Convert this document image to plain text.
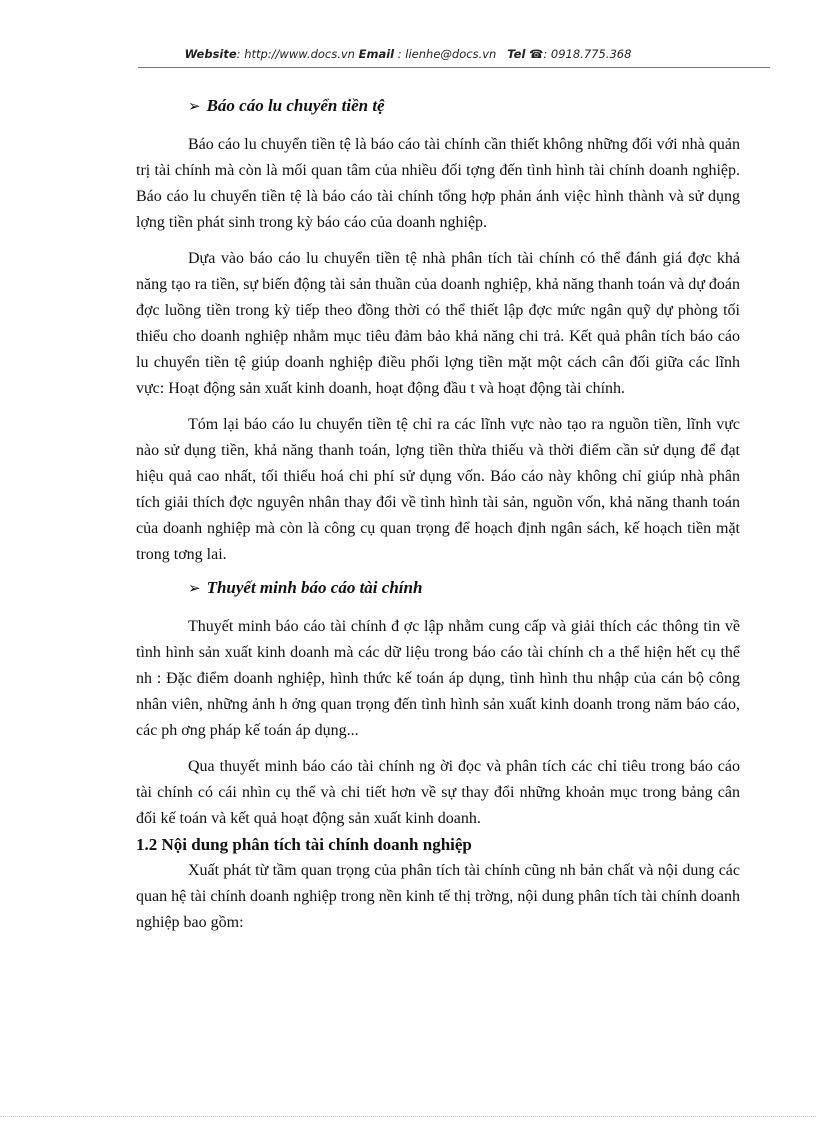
Website: http://www.docs.vn Email : lienhe@docs.vn Tel ☎: 0918.775.368
➢ Báo cáo lu chuyển tiền tệ

Báo cáo lu chuyển tiền tệ là báo cáo tài chính cần thiết không những đối với nhà quản trị tài chính mà còn là mối quan tâm của nhiều đối tợng đến tình hình tài chính doanh nghiệp. Báo cáo lu chuyển tiền tệ là báo cáo tài chính tổng hợp phản ánh việc hình thành và sử dụng lợng tiền phát sinh trong kỳ báo cáo của doanh nghiệp.

Dựa vào báo cáo lu chuyển tiền tệ nhà phân tích tài chính có thể đánh giá đợc khả năng tạo ra tiền, sự biến động tài sản thuần của doanh nghiệp, khả năng thanh toán và dự đoán đợc luồng tiền trong kỳ tiếp theo đồng thời có thể thiết lập đợc mức ngân quỹ dự phòng tối thiểu cho doanh nghiệp nhằm mục tiêu đảm bảo khả năng chi trả. Kết quả phân tích báo cáo lu chuyển tiền tệ giúp doanh nghiệp điều phối lợng tiền mặt một cách cân đối giữa các lĩnh vực: Hoạt động sản xuất kinh doanh, hoạt động đầu t và hoạt động tài chính.

Tóm lại báo cáo lu chuyển tiền tệ chỉ ra các lĩnh vực nào tạo ra nguồn tiền, lĩnh vực nào sử dụng tiền, khả năng thanh toán, lợng tiền thừa thiếu và thời điểm cần sử dụng để đạt hiệu quả cao nhất, tối thiểu hoá chi phí sử dụng vốn. Báo cáo này không chỉ giúp nhà phân tích giải thích đợc nguyên nhân thay đổi về tình hình tài sản, nguồn vốn, khả năng thanh toán của doanh nghiệp mà còn là công cụ quan trọng để hoạch định ngân sách, kế hoạch tiền mặt trong tơng lai.

➢ Thuyết minh báo cáo tài chính

Thuyết minh báo cáo tài chính đ ợc lập nhằm cung cấp và giải thích các thông tin về tình hình sản xuất kinh doanh mà các dữ liệu trong báo cáo tài chính ch a thể hiện hết cụ thể nh : Đặc điểm doanh nghiệp, hình thức kế toán áp dụng, tình hình thu nhập của cán bộ công nhân viên, những ảnh h ởng quan trọng đến tình hình sản xuất kinh doanh trong năm báo cáo, các ph ơng pháp kế toán áp dụng...

Qua thuyết minh báo cáo tài chính ng ời đọc và phân tích các chỉ tiêu trong báo cáo tài chính có cái nhìn cụ thể và chi tiết hơn về sự thay đổi những khoản mục trong bảng cân đối kế toán và kết quả hoạt động sản xuất kinh doanh.

1.2 Nội dung phân tích tài chính doanh nghiệp

Xuất phát từ tầm quan trọng của phân tích tài chính cũng nh bản chất và nội dung các quan hệ tài chính doanh nghiệp trong nền kinh tế thị trờng, nội dung phân tích tài chính doanh nghiệp bao gồm:
